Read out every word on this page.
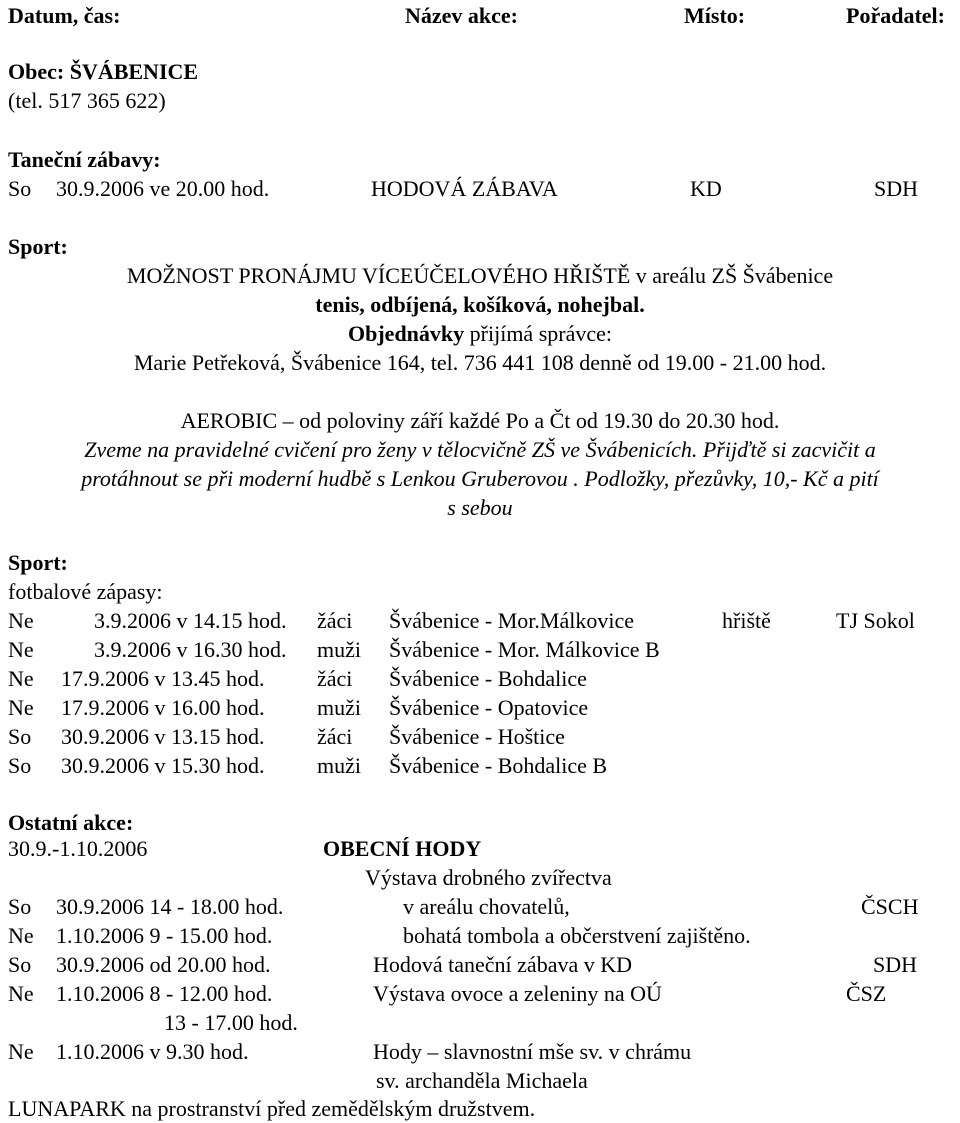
Datum, čas:	Název akce:	Místo:	Pořadatel:
Obec: ŠVÁBENICE
(tel. 517 365 622)
Taneční zábavy:
So 30.9.2006 ve 20.00 hod.	HODOVÁ ZÁBAVA	KD	SDH
Sport:
MOŽNOST PRONÁJMU VÍCEÚČELOVÉHO HŘIŠTĚ v areálu ZŠ Švábenice
tenis, odbíjená, košíková, nohejbal.
Objednávky přijímá správce:
Marie Petřeková, Švábenice 164, tel. 736 441 108 denně od 19.00 - 21.00 hod.
AEROBIC – od poloviny září každé Po a Čt od 19.30 do 20.30 hod.
Zveme na pravidelné cvičení pro ženy v tělocvičně ZŠ ve Švábenicích. Přijďtě si zacvičit a
protáhnout se při moderní hudbě s Lenkou Gruberovou . Podložky, přezůvky, 10,- Kč a pití
s sebou
Sport:
fotbalové zápasy:
Ne	3.9.2006 v 14.15 hod. žáci Švábenice - Mor.Málkovice	hřiště	TJ Sokol
Ne	3.9.2006 v 16.30 hod. muži Švábenice - Mor. Málkovice B
Ne 17.9.2006 v 13.45 hod. žáci Švábenice - Bohdalice
Ne 17.9.2006 v 16.00 hod. muži Švábenice - Opatovice
So 30.9.2006 v 13.15 hod. žáci Švábenice - Hoštice
So 30.9.2006 v 15.30 hod. muži Švábenice - Bohdalice B
Ostatní akce:
30.9.-1.10.2006	OBECNÍ HODY
Výstava drobného zvířectva
So 30.9.2006 14 - 18.00 hod.	v areálu chovatelů,	ČSCH
Ne 1.10.2006 9 - 15.00 hod.	bohatá tombola a občerstvení zajištěno.
So 30.9.2006 od 20.00 hod.	Hodová taneční zábava v KD	SDH
Ne 1.10.2006 8 - 12.00 hod.	Výstava ovoce a zeleniny na OÚ	ČSZ
13 - 17.00 hod.
Ne 1.10.2006 v 9.30 hod.	Hody – slavnostní mše sv. v chrámu
sv. archanděla Michaela
LUNAPARK na prostranství před zemědělským družstvem.
